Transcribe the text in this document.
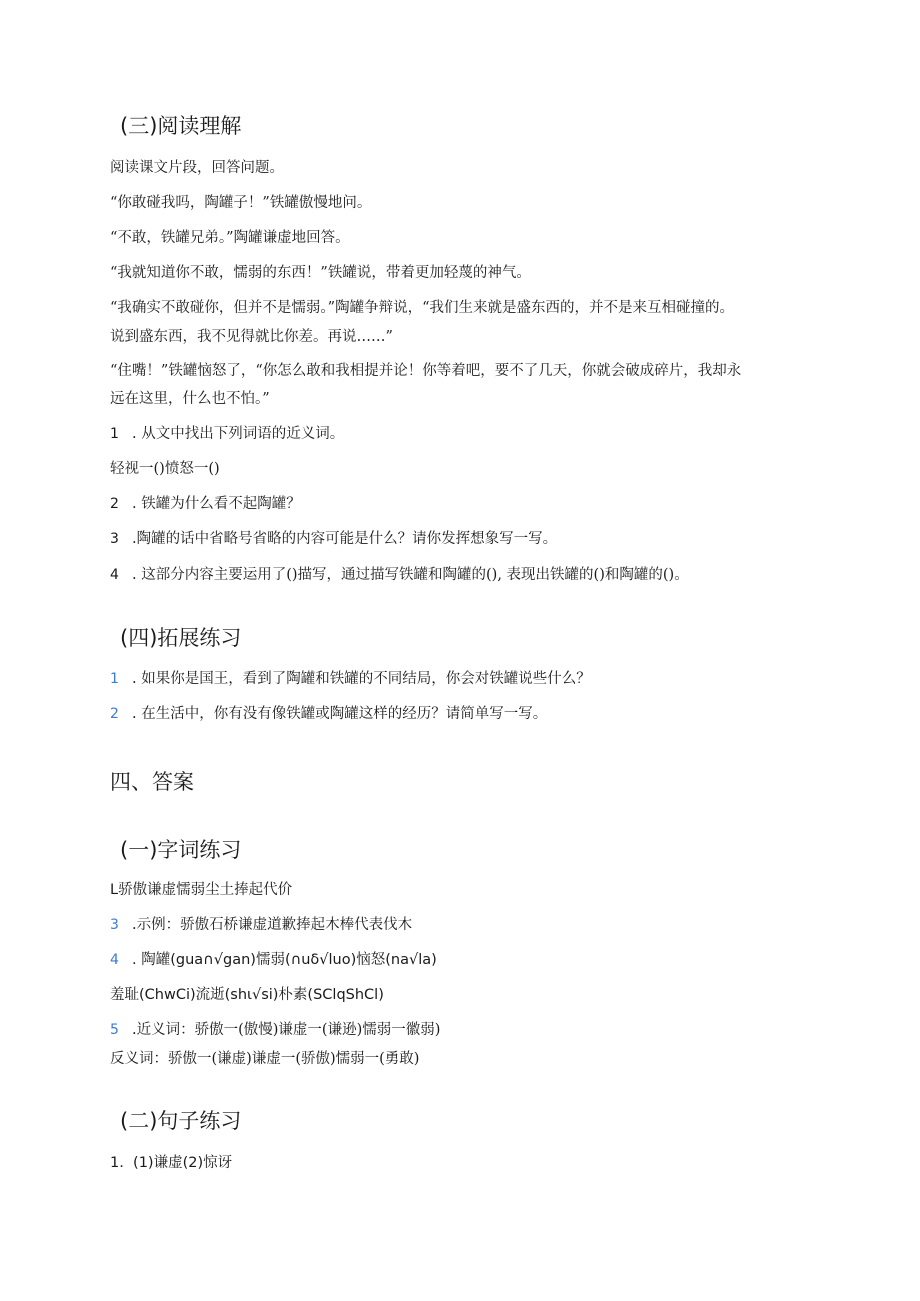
(三)阅读理解
阅读课文片段，回答问题。
“你敢碰我吗，陶罐子！”铁罐傲慢地问。
“不敢，铁罐兄弟。”陶罐谦虚地回答。
“我就知道你不敢，懦弱的东西！”铁罐说，带着更加轻蔑的神气。
“我确实不敢碰你，但并不是懦弱。”陶罐争辩说，“我们生来就是盛东西的，并不是来互相碰撞的。
说到盛东西，我不见得就比你差。再说……”
“住嘴！”铁罐恼怒了，“你怎么敢和我相提并论！你等着吧，要不了几天，你就会破成碎片，我却永
远在这里，什么也不怕。”
1 . 从文中找出下列词语的近义词。
轻视一()愤怒一()
2 . 铁罐为什么看不起陶罐？
3 .陶罐的话中省略号省略的内容可能是什么？请你发挥想象写一写。
4 . 这部分内容主要运用了()描写，通过描写铁罐和陶罐的(), 表现出铁罐的()和陶罐的()。
(四)拓展练习
1 . 如果你是国王，看到了陶罐和铁罐的不同结局，你会对铁罐说些什么？
2 . 在生活中，你有没有像铁罐或陶罐这样的经历？请简单写一写。
四、答案
(一)字词练习
L骄傲谦虚懦弱尘土捧起代价
3 .示例：骄傲石桥谦虚道歉捧起木棒代表伐木
4 . 陶罐(gua∩√gan)懦弱(∩uδ√luo)恼怒(na√la)
羞耻(ChwCi)流逝(shι√si)朴素(SClqShCl)
5 .近义词：骄傲一(傲慢)谦虚一(谦逊)懦弱一徽弱)
反义词：骄傲一(谦虚)谦虚一(骄傲)懦弱一(勇敢)
(二)句子练习
1.  (1)谦虚(2)惊讶
